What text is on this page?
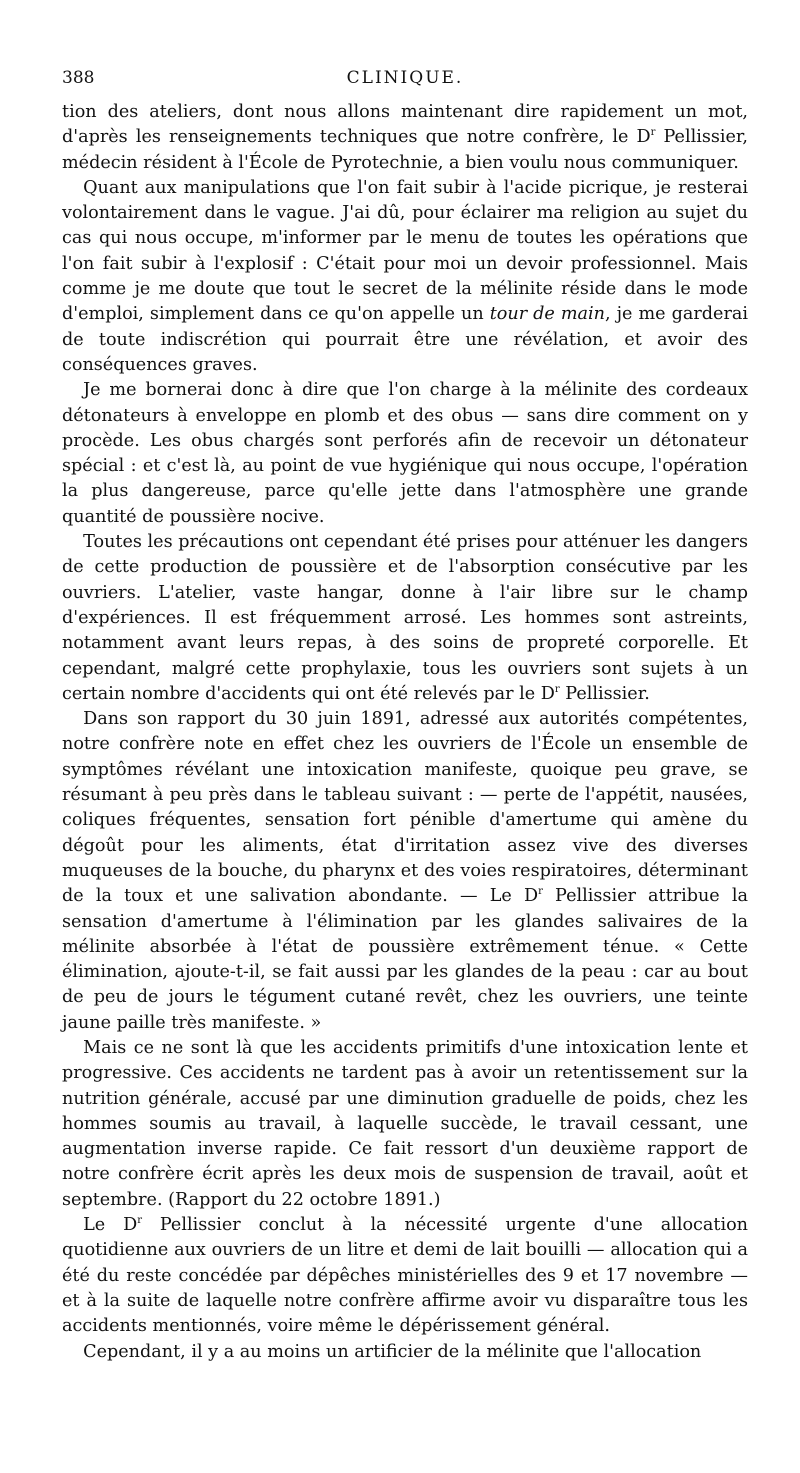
388	CLINIQUE.

tion des ateliers, dont nous allons maintenant dire rapidement un mot, d'après les renseignements techniques que notre confrère, le $D^r$ Pellissier, médecin résident à l'École de Pyrotechnie, a bien voulu nous communiquer.

Quant aux manipulations que l'on fait subir à l'acide picrique, je resterai volontairement dans le vague. J'ai dû, pour éclairer ma religion au sujet du cas qui nous occupe, m'informer par le menu de toutes les opérations que l'on fait subir à l'explosif : C'était pour moi un devoir professionnel. Mais comme je me doute que tout le secret de la mélinite réside dans le mode d'emploi, simplement dans ce qu'on appelle un tour de main, je me garderai de toute indiscrétion qui pourrait être une révélation, et avoir des conséquences graves.

Je me bornerai donc à dire que l'on charge à la mélinite des cordeaux détonateurs à enveloppe en plomb et des obus — sans dire comment on y procède. Les obus chargés sont perforés afin de recevoir un détonateur spécial : et c'est là, au point de vue hygiénique qui nous occupe, l'opération la plus dangereuse, parce qu'elle jette dans l'atmosphère une grande quantité de poussière nocive.

Toutes les précautions ont cependant été prises pour atténuer les dangers de cette production de poussière et de l'absorption consécutive par les ouvriers. L'atelier, vaste hangar, donne à l'air libre sur le champ d'expériences. Il est fréquemment arrosé. Les hommes sont astreints, notamment avant leurs repas, à des soins de propreté corporelle. Et cependant, malgré cette prophylaxie, tous les ouvriers sont sujets à un certain nombre d'accidents qui ont été relevés par le $D^r$ Pellissier.

Dans son rapport du 30 juin 1891, adressé aux autorités compétentes, notre confrère note en effet chez les ouvriers de l'École un ensemble de symptômes révélant une intoxication manifeste, quoique peu grave, se résumant à peu près dans le tableau suivant : — perte de l'appétit, nausées, coliques fréquentes, sensation fort pénible d'amertume qui amène du dégoût pour les aliments, état d'irritation assez vive des diverses muqueuses de la bouche, du pharynx et des voies respiratoires, déterminant de la toux et une salivation abondante. — Le $D^r$ Pellissier attribue la sensation d'amertume à l'élimination par les glandes salivaires de la mélinite absorbée à l'état de poussière extrêmement ténue. « Cette élimination, ajoute-t-il, se fait aussi par les glandes de la peau : car au bout de peu de jours le tégument cutané revêt, chez les ouvriers, une teinte jaune paille très manifeste. »

Mais ce ne sont là que les accidents primitifs d'une intoxication lente et progressive. Ces accidents ne tardent pas à avoir un retentissement sur la nutrition générale, accusé par une diminution graduelle de poids, chez les hommes soumis au travail, à laquelle succède, le travail cessant, une augmentation inverse rapide. Ce fait ressort d'un deuxième rapport de notre confrère écrit après les deux mois de suspension de travail, août et septembre. (Rapport du 22 octobre 1891.)

Le $D^r$ Pellissier conclut à la nécessité urgente d'une allocation quotidienne aux ouvriers de un litre et demi de lait bouilli — allocation qui a été du reste concédée par dépêches ministérielles des 9 et 17 novembre — et à la suite de laquelle notre confrère affirme avoir vu disparaître tous les accidents mentionnés, voire même le dépérissement général.

Cependant, il y a au moins un artificier de la mélinite que l'allocation
